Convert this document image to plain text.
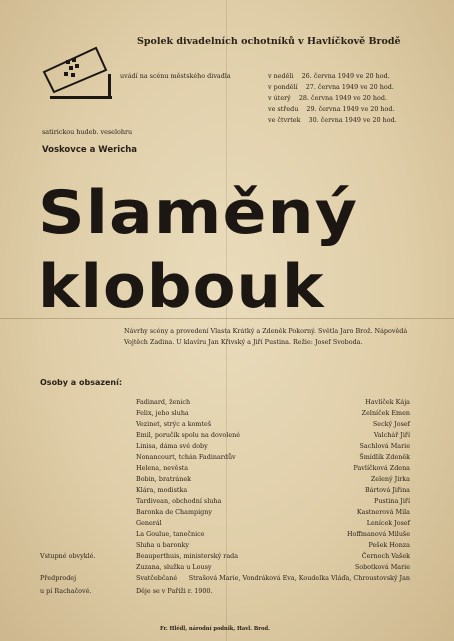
Spolek divadelních ochotníků v Havlíčkově Brodě
uvádí na scénu městského divadla	v neděli 26. června 1949 ve 20 hod.
v pondělí 27. června 1949 ve 20 hod.
v úterý 28. června 1949 ve 20 hod.
ve středu 29. června 1949 ve 20 hod.
ve čtvrtek 30. června 1949 ve 20 hod.
satirickou hudeb. veselohru
Voskovce a Wericha
Slaměný
klobouk
Návrhy scény a provedení Vlasta Krátký a Zdeněk Pokorný. Světla Jaro Brož. Nápovědá Vojtěch Zadina. U klavíru Jan Křivský a Jiří Pustina. Režie: Josef Svoboda.
Osoby a obsazení:
Fadinard, ženich	Havlíček Kája
Felix, jeho sluha	Zelníček Emen
Vezinet, strýc a komteš	Secký Josef
Emil, poručík spolu na dovolené	Valchář Jiří
Linisa, dáma své doby	Sachlová Marie
Nonancourt, tchán Fadinardův	Šmídlík Zdeněk
Helena, nevěsta	Pavlíčková Zdena
Bobin, bratránek	Zelený Jirka
Klára, modistka	Bártová Jiřina
Tardivean, obchodní sluha	Pustina Jiří
Baronka de Champigny	Kastnerová Mila
Generál	Lenícek Josef
La Goulue, tanečnice	Hoffmanová Miluše
Sluha u baronky	Pešek Honza
Beauperthuis, ministerský rada	Černoch Vašek
Zuzana, služka u Lousy	Sobotková Marie
Vstupné obvyklé.
Svatčebčané Strašová Marie, Vondráková Eva, Koudelka Vláďa, Chroustovský Jan
Předprodej
u pí Rachačové.	Děje se v Paříži r. 1900.
Fr. Hlédl, národní podnik, Havl. Brod.
